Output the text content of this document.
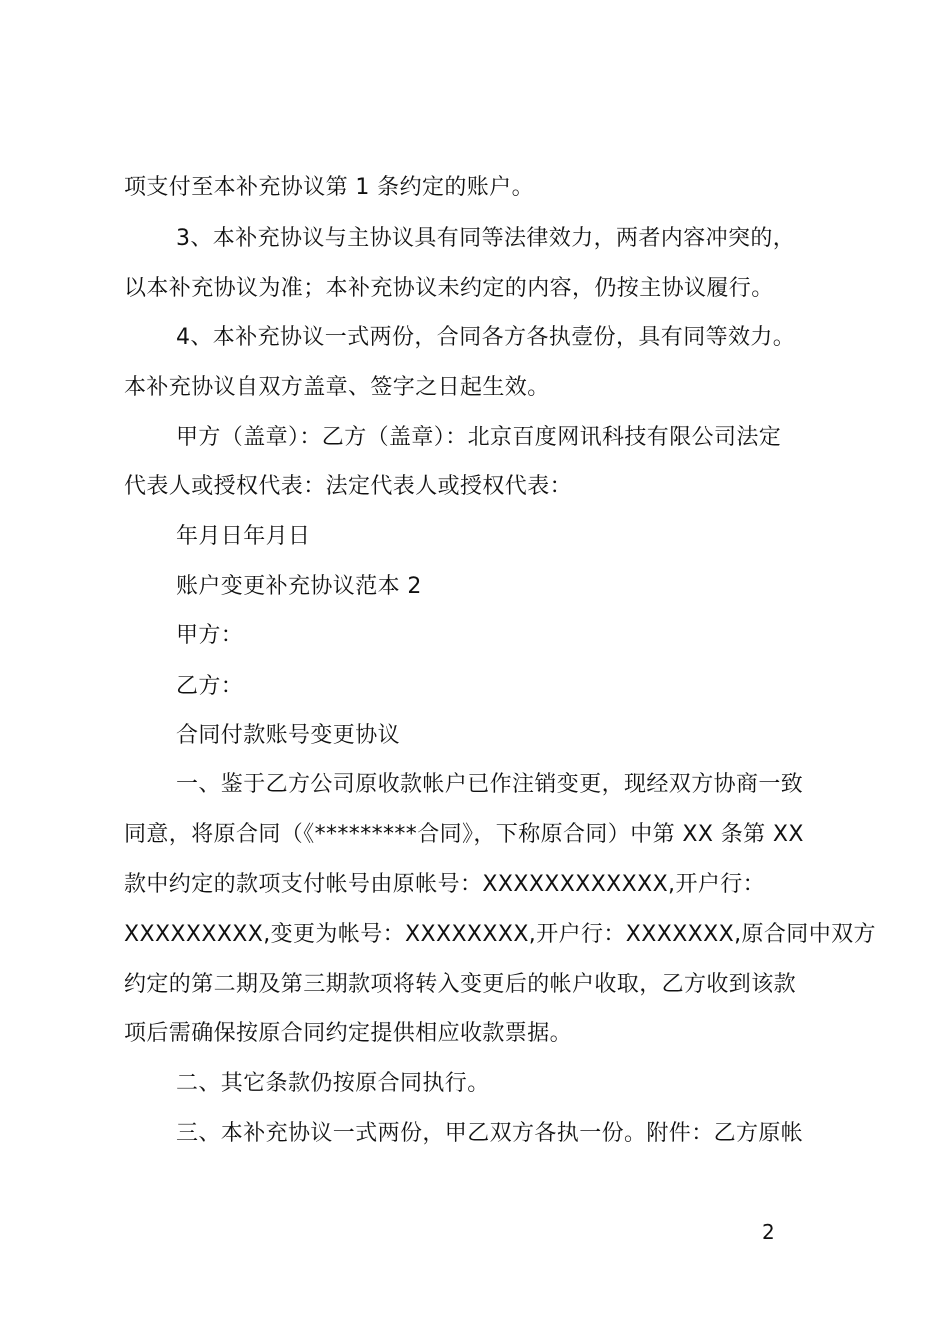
项支付至本补充协议第 1 条约定的账户。
3、本补充协议与主协议具有同等法律效力，两者内容冲突的，
以本补充协议为准；本补充协议未约定的内容，仍按主协议履行。
4、本补充协议一式两份，合同各方各执壹份，具有同等效力。
本补充协议自双方盖章、签字之日起生效。
甲方（盖章）：乙方（盖章）：北京百度网讯科技有限公司法定
代表人或授权代表：法定代表人或授权代表：
年月日年月日
账户变更补充协议范本 2
甲方：
乙方：
合同付款账号变更协议
一、鉴于乙方公司原收款帐户已作注销变更，现经双方协商一致
同意，将原合同（《*********合同》，下称原合同）中第 XX 条第 XX
款中约定的款项支付帐号由原帐号：XXXXXXXXXXXX,开户行：
XXXXXXXXX,变更为帐号：XXXXXXXX,开户行：XXXXXXX,原合同中双方
约定的第二期及第三期款项将转入变更后的帐户收取，乙方收到该款
项后需确保按原合同约定提供相应收款票据。
二、其它条款仍按原合同执行。
三、本补充协议一式两份，甲乙双方各执一份。附件：乙方原帐
2
